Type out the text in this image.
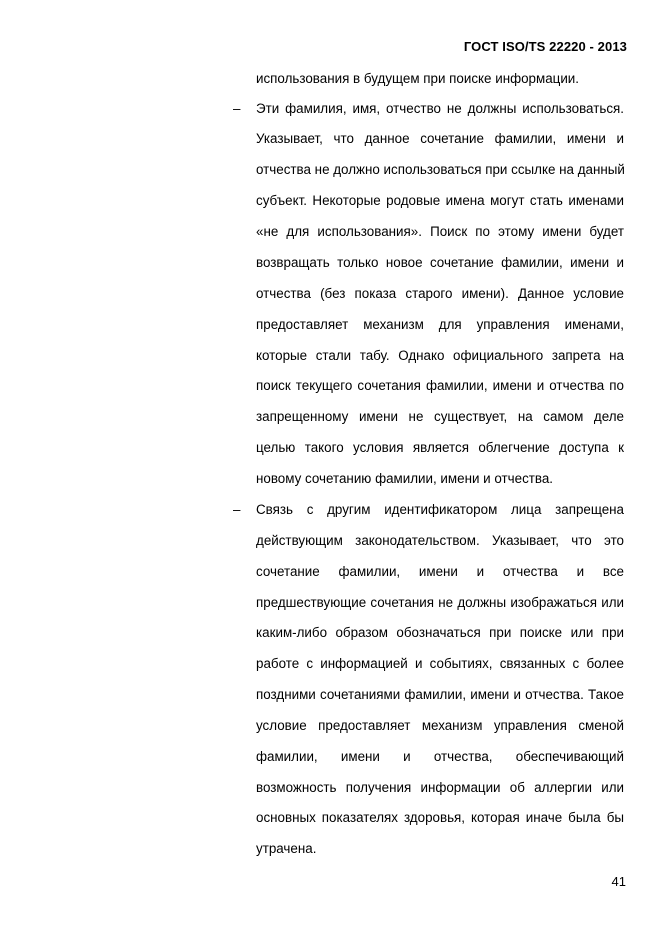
ГОСТ ISO/TS 22220 - 2013
использования в будущем при поиске информации.
– Эти фамилия, имя, отчество не должны использоваться.
Указывает, что данное сочетание фамилии, имени и
отчества не должно использоваться при ссылке на данный
субъект. Некоторые родовые имена могут стать именами
«не для использования». Поиск по этому имени будет
возвращать только новое сочетание фамилии, имени и
отчества (без показа старого имени). Данное условие
предоставляет механизм для управления именами,
которые стали табу. Однако официального запрета на
поиск текущего сочетания фамилии, имени и отчества по
запрещенному имени не существует, на самом деле
целью такого условия является облегчение доступа к
новому сочетанию фамилии, имени и отчества.
– Связь с другим идентификатором лица запрещена
действующим законодательством. Указывает, что это
сочетание фамилии, имени и отчества и все
предшествующие сочетания не должны изображаться или
каким-либо образом обозначаться при поиске или при
работе с информацией и событиях, связанных с более
поздними сочетаниями фамилии, имени и отчества. Такое
условие предоставляет механизм управления сменой
фамилии, имени и отчества, обеспечивающий
возможность получения информации об аллергии или
основных показателях здоровья, которая иначе была бы
утрачена.
41
